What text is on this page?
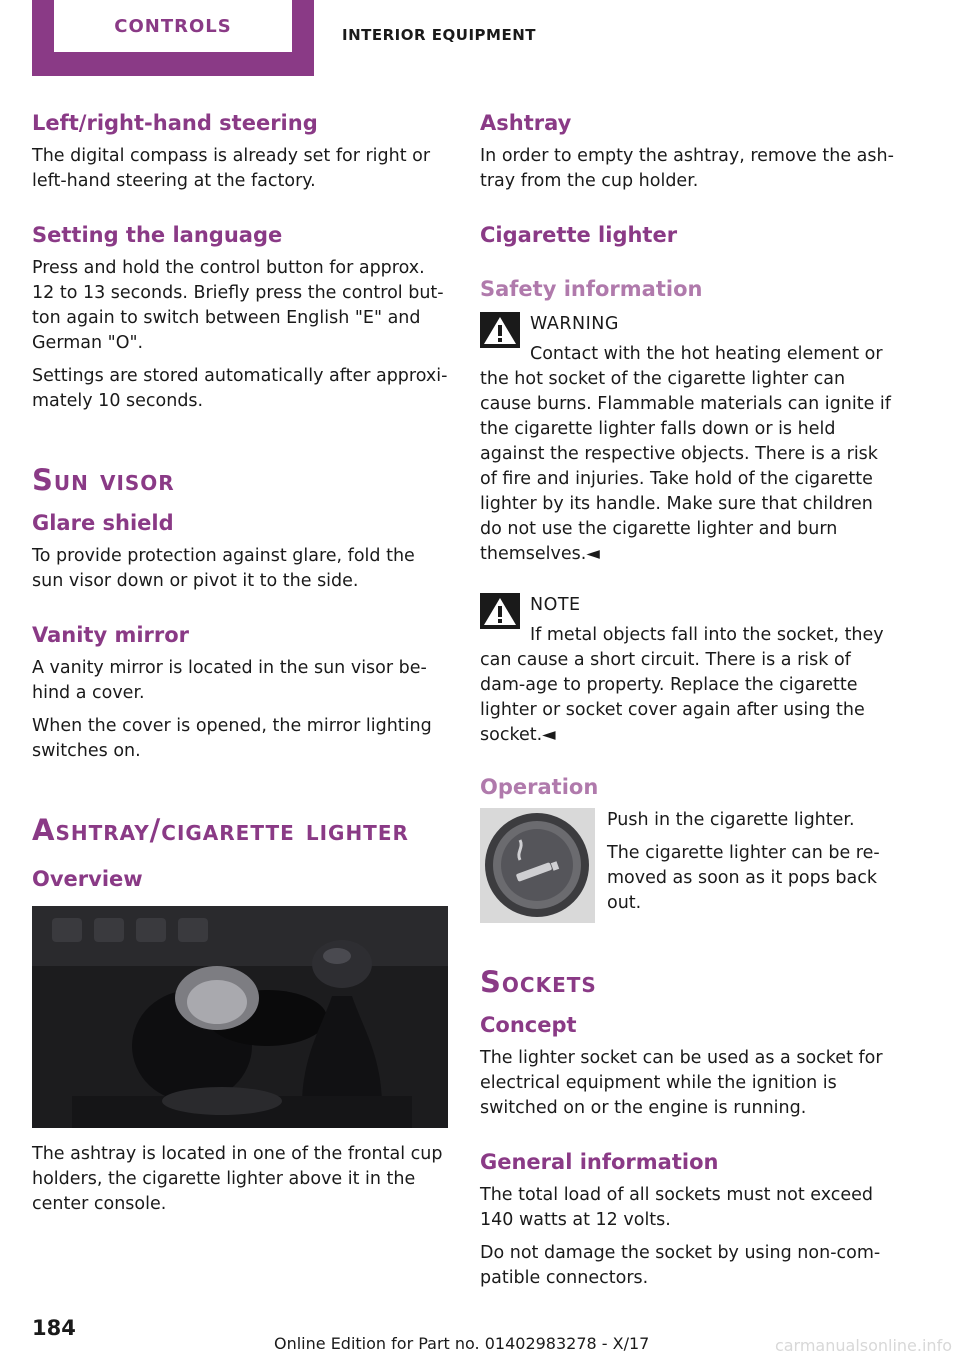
CONTROLS	INTERIOR EQUIPMENT
Left/right-hand steering

The digital compass is already set for right or left-hand steering at the factory.

Setting the language

Press and hold the control button for approx. 12 to 13 seconds. Briefly press the control but‐ton again to switch between English "E" and German "O".

Settings are stored automatically after approxi‐mately 10 seconds.

Sun visor
Glare shield

To provide protection against glare, fold the sun visor down or pivot it to the side.

Vanity mirror

A vanity mirror is located in the sun visor be‐hind a cover.

When the cover is opened, the mirror lighting switches on.

Ashtray/cigarette lighter
Overview

The ashtray is located in one of the frontal cup holders, the cigarette lighter above it in the center console.

Ashtray

In order to empty the ashtray, remove the ash‐tray from the cup holder.

Cigarette lighter
Safety information
WARNING
Contact with the hot heating element or
the hot socket of the cigarette lighter can cause burns. Flammable materials can ignite if the cigarette lighter falls down or is held against the respective objects. There is a risk of fire and injuries. Take hold of the cigarette lighter by its handle. Make sure that children do not use the cigarette lighter and burn themselves.◄
NOTE
If metal objects fall into the socket, they
can cause a short circuit. There is a risk of dam‐age to property. Replace the cigarette lighter or socket cover again after using the socket.◄
Operation

Push in the cigarette lighter.

The cigarette lighter can be re‐moved as soon as it pops back out.

Sockets
Concept

The lighter socket can be used as a socket for electrical equipment while the ignition is switched on or the engine is running.

General information

The total load of all sockets must not exceed 140 watts at 12 volts.

Do not damage the socket by using non-com‐patible connectors.

184
Online Edition for Part no. 01402983278 - X/17	carmanualsonline.info
